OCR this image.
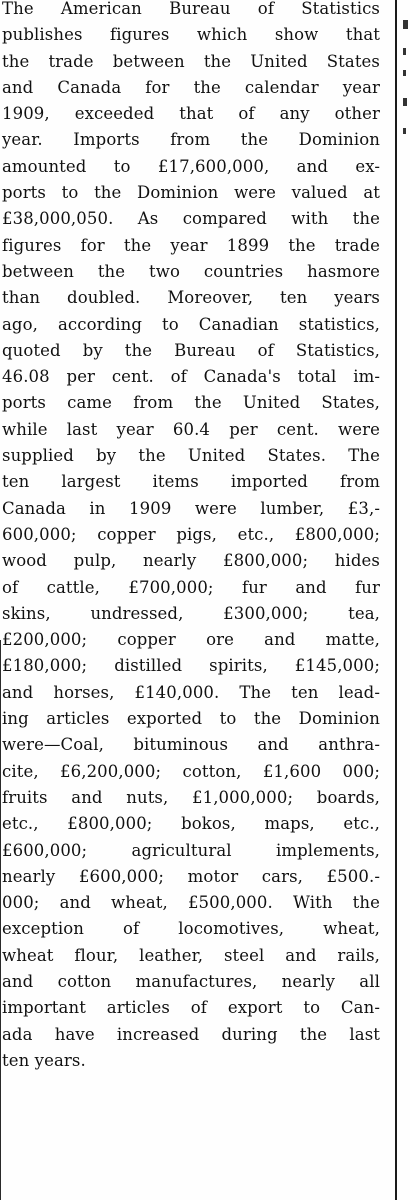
The American Bureau of Statistics
publishes figures which show that
the trade between the United States
and Canada for the calendar year
1909, exceeded that of any other
year. Imports from the Dominion
amounted to £17,600,000, and ex-
ports to the Dominion were valued at
£38,000,050. As compared with the
figures for the year 1899 the trade
between the two countries hasmore
than doubled. Moreover, ten years
ago, according to Canadian statistics,
quoted by the Bureau of Statistics,
46.08 per cent. of Canada's total im-
ports came from the United States,
while last year 60.4 per cent. were
supplied by the United States. The
ten largest items imported from
Canada in 1909 were lumber, £3,-
600,000; copper pigs, etc., £800,000;
wood pulp, nearly £800,000; hides
of cattle, £700,000; fur and fur
skins, undressed, £300,000; tea,
£200,000; copper ore and matte,
£180,000; distilled spirits, £145,000;
and horses, £140,000. The ten lead-
ing articles exported to the Dominion
were—Coal, bituminous and anthra-
cite, £6,200,000; cotton, £1,600 000;
fruits and nuts, £1,000,000; boards,
etc., £800,000; bokos, maps, etc.,
£600,000; agricultural implements,
nearly £600,000; motor cars, £500.-
000; and wheat, £500,000. With the
exception of locomotives, wheat,
wheat flour, leather, steel and rails,
and cotton manufactures, nearly all
important articles of export to Can-
ada have increased during the last
ten years.
